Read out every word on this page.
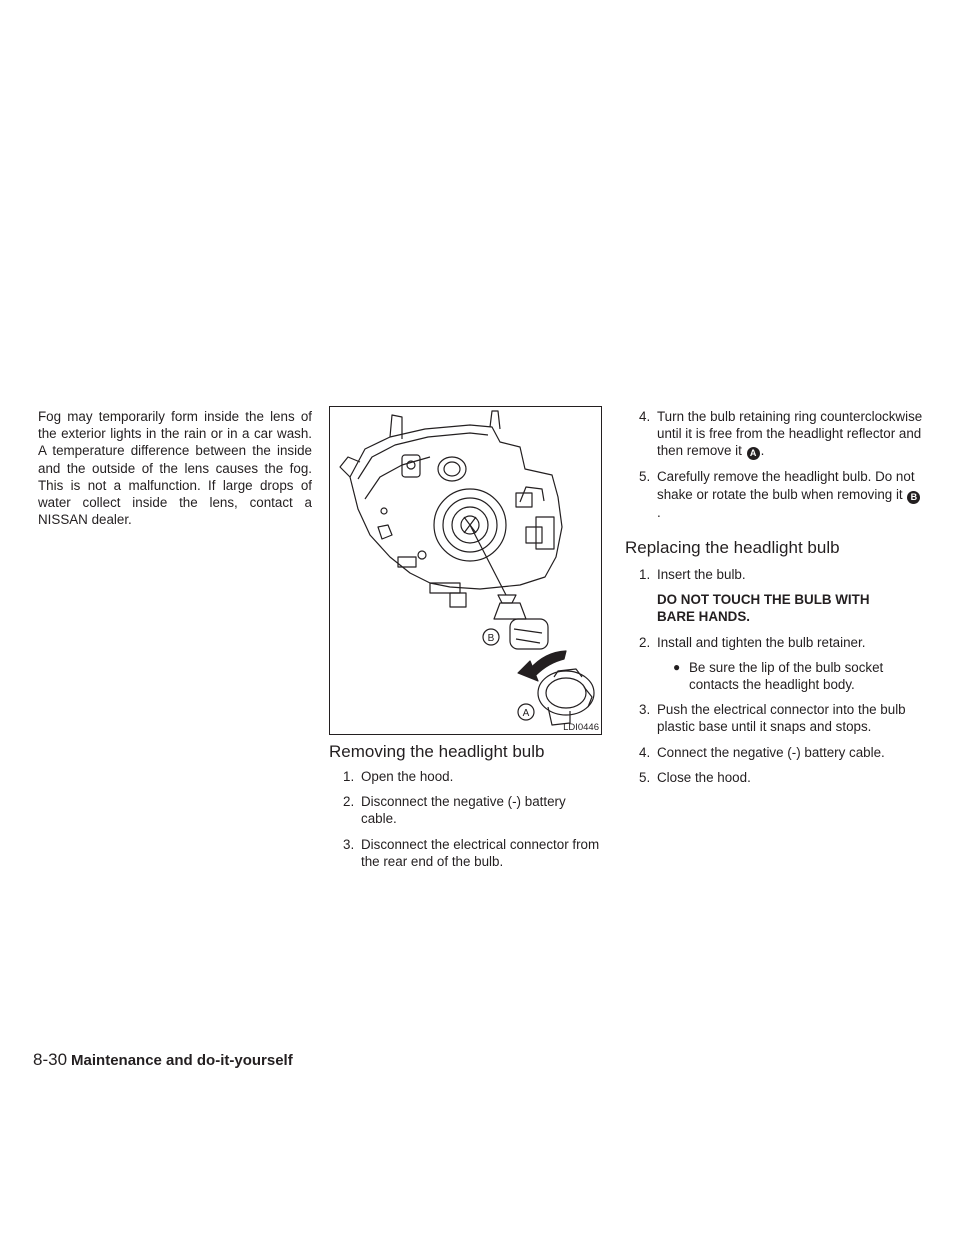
Fog may temporarily form inside the lens of the exterior lights in the rain or in a car wash. A temperature difference between the inside and the outside of the lens causes the fog. This is not a malfunction. If large drops of water collect inside the lens, contact a NISSAN dealer.

B
A
LDI0446
Removing the headlight bulb
1. Open the hood.
2. Disconnect the negative (-) battery cable.
3. Disconnect the electrical connector from the rear end of the bulb.
4. Turn the bulb retaining ring counterclockwise until it is free from the headlight reflector and then remove it A .
5. Carefully remove the headlight bulb. Do not shake or rotate the bulb when removing it B.
Replacing the headlight bulb
1. Insert the bulb.
DO NOT TOUCH THE BULB WITH BARE HANDS.
2. Install and tighten the bulb retainer.
● Be sure the lip of the bulb socket contacts the headlight body.
3. Push the electrical connector into the bulb plastic base until it snaps and stops.
4. Connect the negative (-) battery cable.
5. Close the hood.
8-30 Maintenance and do-it-yourself
